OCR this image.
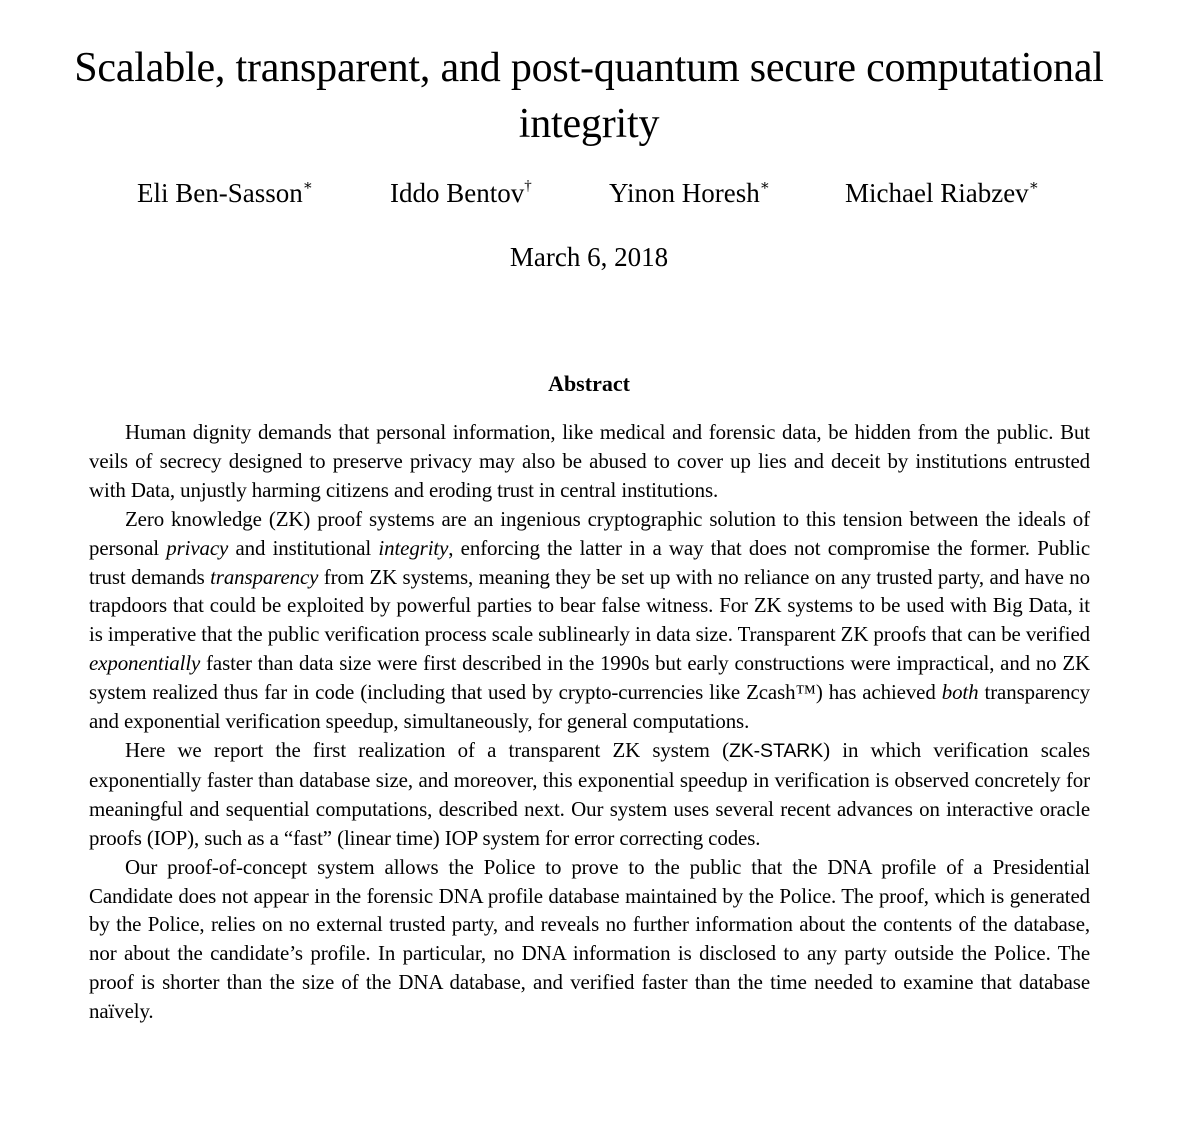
Scalable, transparent, and post-quantum secure computational integrity
Eli Ben-Sasson∗	Iddo Bentov†	Yinon Horesh∗	Michael Riabzev∗
March 6, 2018
Abstract

Human dignity demands that personal information, like medical and forensic data, be hidden from the public. But veils of secrecy designed to preserve privacy may also be abused to cover up lies and deceit by institutions entrusted with Data, unjustly harming citizens and eroding trust in central institutions.

Zero knowledge (ZK) proof systems are an ingenious cryptographic solution to this tension between the ideals of personal privacy and institutional integrity, enforcing the latter in a way that does not compromise the former. Public trust demands transparency from ZK systems, meaning they be set up with no reliance on any trusted party, and have no trapdoors that could be exploited by powerful parties to bear false witness. For ZK systems to be used with Big Data, it is imperative that the public verification process scale sublinearly in data size. Transparent ZK proofs that can be verified exponentially faster than data size were first described in the 1990s but early constructions were impractical, and no ZK system realized thus far in code (including that used by crypto-currencies like Zcash™) has achieved both transparency and exponential verification speedup, simultaneously, for general computations.

Here we report the first realization of a transparent ZK system (ZK-STARK) in which verification scales exponentially faster than database size, and moreover, this exponential speedup in verification is observed concretely for meaningful and sequential computations, described next. Our system uses several recent advances on interactive oracle proofs (IOP), such as a “fast” (linear time) IOP system for error correcting codes.

Our proof-of-concept system allows the Police to prove to the public that the DNA profile of a Presidential Candidate does not appear in the forensic DNA profile database maintained by the Police. The proof, which is generated by the Police, relies on no external trusted party, and reveals no further information about the contents of the database, nor about the candidate’s profile. In particular, no DNA information is disclosed to any party outside the Police. The proof is shorter than the size of the DNA database, and verified faster than the time needed to examine that database naïvely.
